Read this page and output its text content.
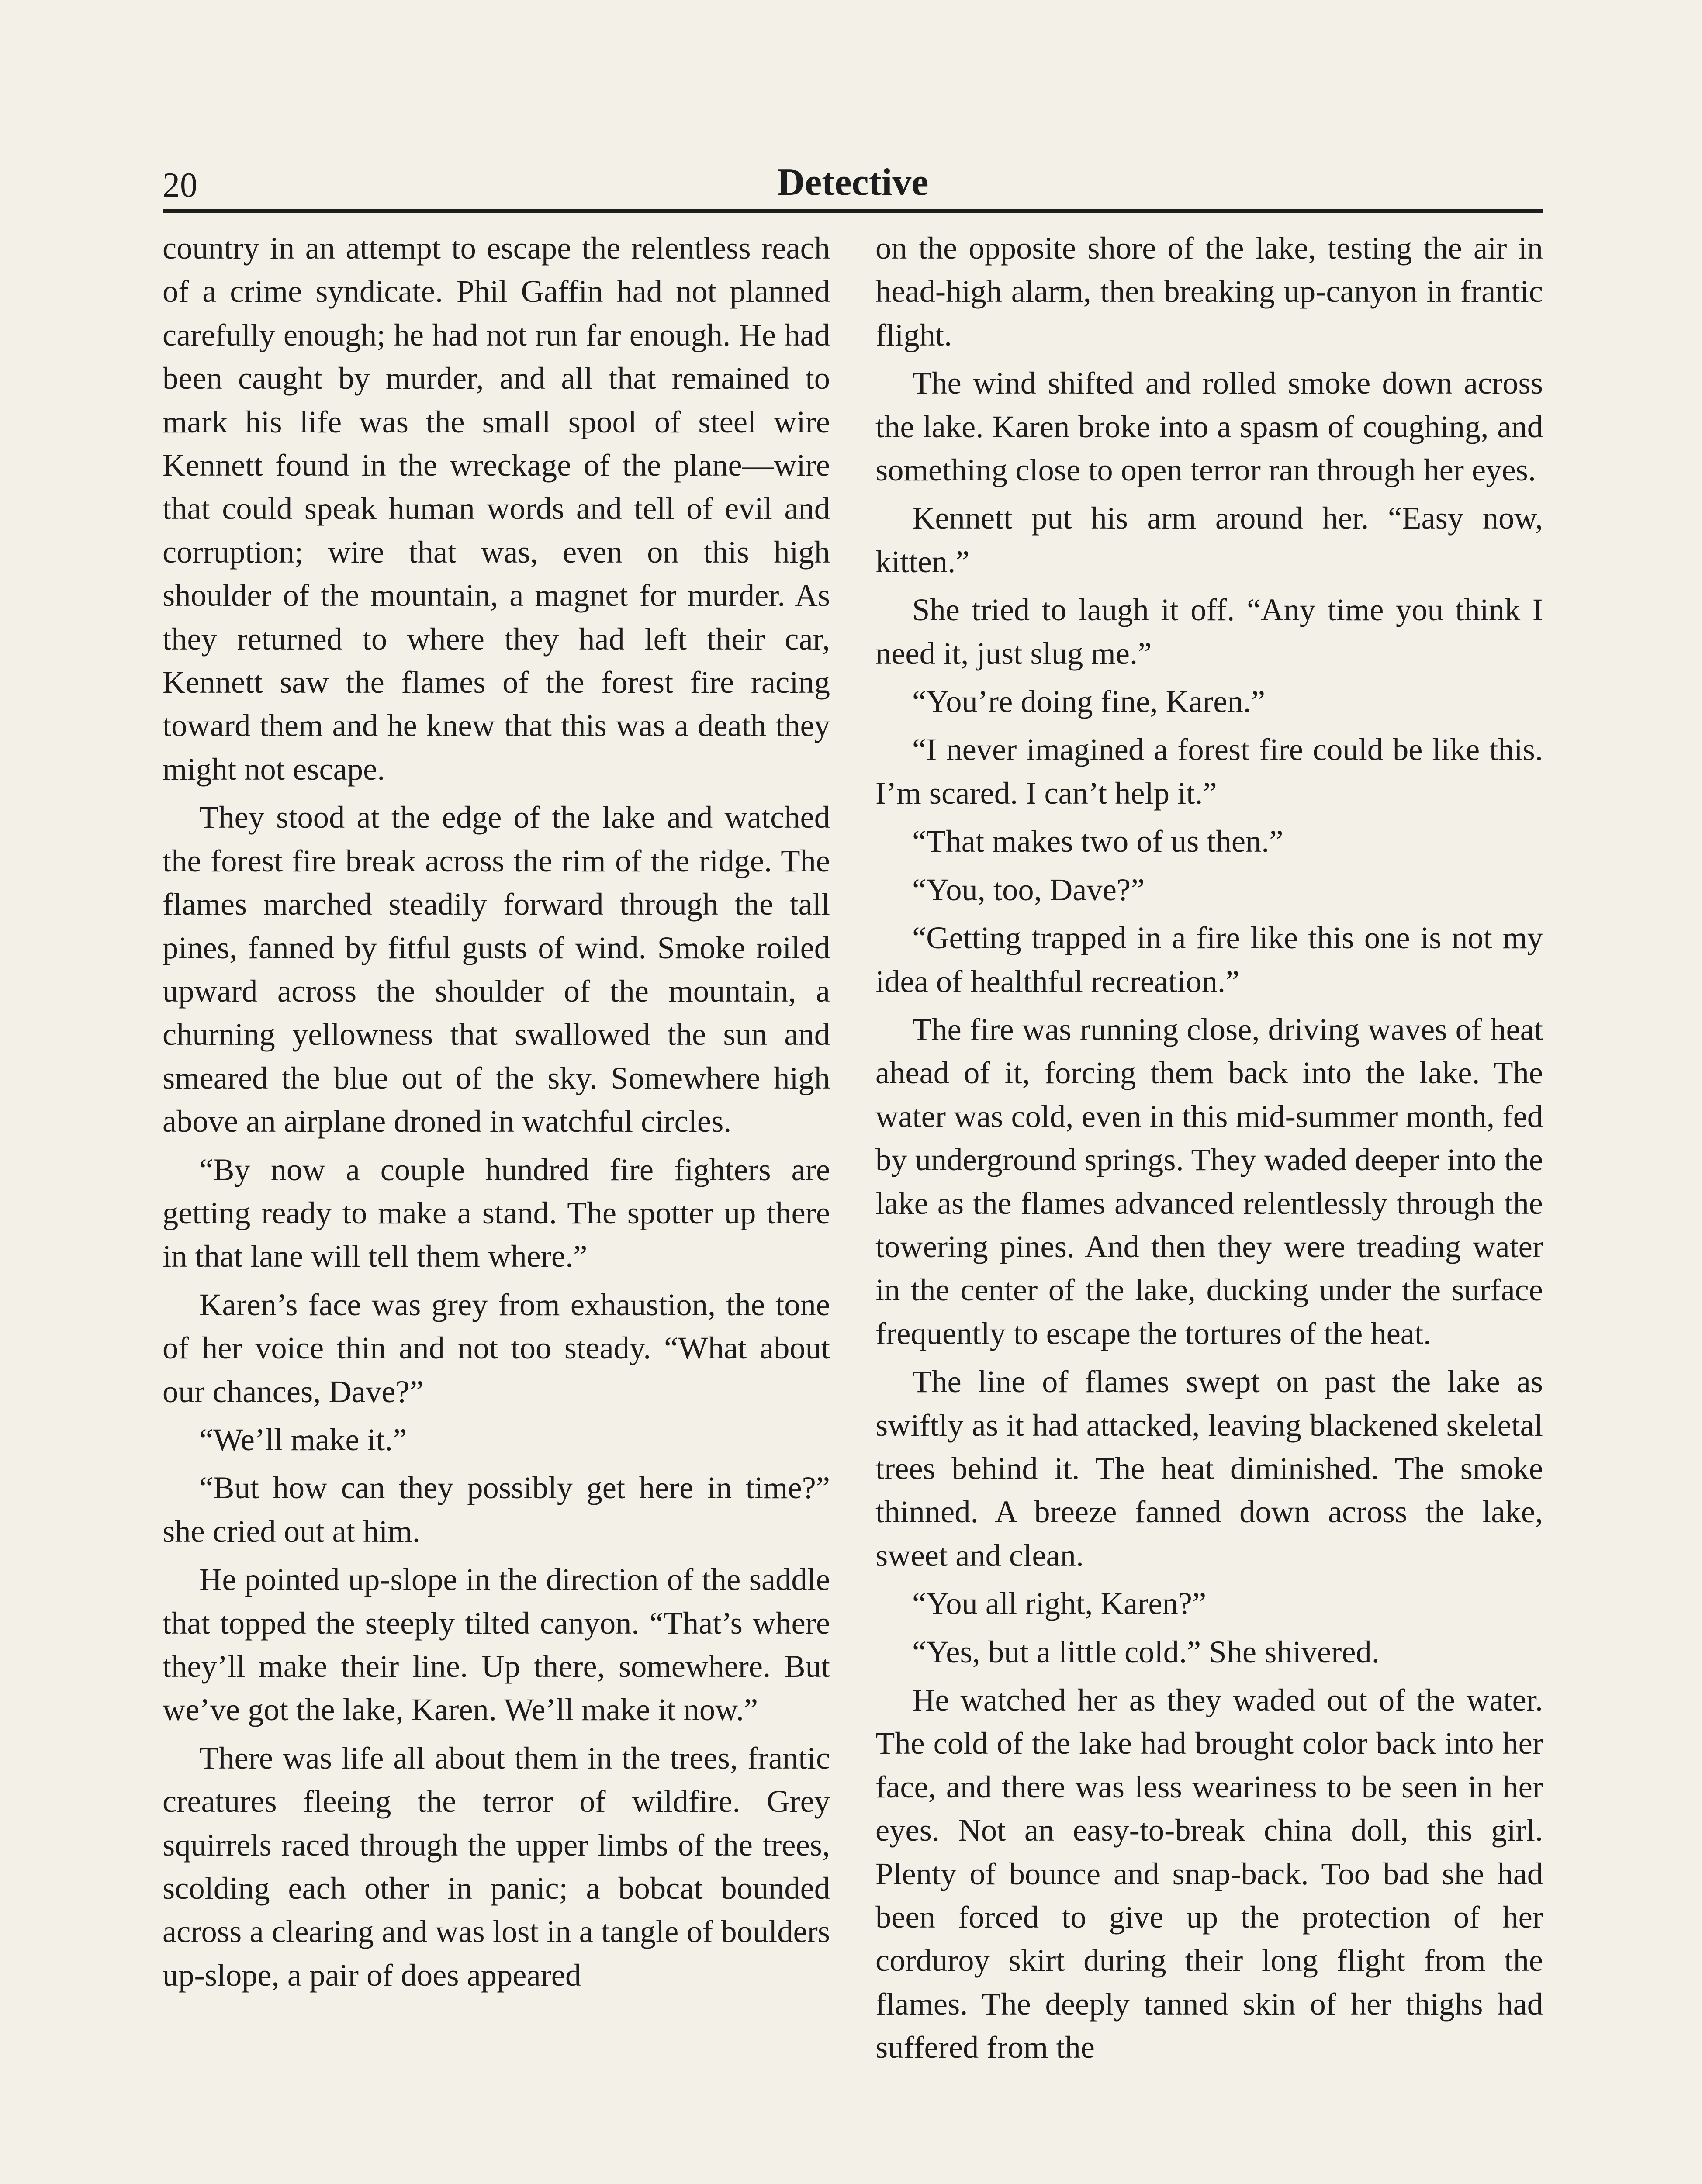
20	Detective

country in an attempt to escape the relentless reach of a crime syndicate. Phil Gaffin had not planned carefully enough; he had not run far enough. He had been caught by murder, and all that remained to mark his life was the small spool of steel wire Kennett found in the wreckage of the plane—wire that could speak human words and tell of evil and corruption; wire that was, even on this high shoulder of the mountain, a magnet for murder. As they returned to where they had left their car, Kennett saw the flames of the forest fire racing toward them and he knew that this was a death they might not escape.

They stood at the edge of the lake and watched the forest fire break across the rim of the ridge. The flames marched steadily forward through the tall pines, fanned by fitful gusts of wind. Smoke roiled upward across the shoulder of the mountain, a churning yellowness that swallowed the sun and smeared the blue out of the sky. Somewhere high above an airplane droned in watchful circles.

“By now a couple hundred fire fighters are getting ready to make a stand. The spotter up there in that lane will tell them where.”

Karen’s face was grey from exhaustion, the tone of her voice thin and not too steady. “What about our chances, Dave?”

“We’ll make it.”

“But how can they possibly get here in time?” she cried out at him.

He pointed up-slope in the direction of the saddle that topped the steeply tilted canyon. “That’s where they’ll make their line. Up there, somewhere. But we’ve got the lake, Karen. We’ll make it now.”

There was life all about them in the trees, frantic creatures fleeing the terror of wildfire. Grey squirrels raced through the upper limbs of the trees, scolding each other in panic; a bobcat bounded across a clearing and was lost in a tangle of boulders up-slope, a pair of does appeared

on the opposite shore of the lake, testing the air in head-high alarm, then breaking up-canyon in frantic flight.

The wind shifted and rolled smoke down across the lake. Karen broke into a spasm of coughing, and something close to open terror ran through her eyes.

Kennett put his arm around her. “Easy now, kitten.”

She tried to laugh it off. “Any time you think I need it, just slug me.”

“You’re doing fine, Karen.”

“I never imagined a forest fire could be like this. I’m scared. I can’t help it.”

“That makes two of us then.”

“You, too, Dave?”

“Getting trapped in a fire like this one is not my idea of healthful recreation.”

The fire was running close, driving waves of heat ahead of it, forcing them back into the lake. The water was cold, even in this mid-summer month, fed by underground springs. They waded deeper into the lake as the flames advanced relentlessly through the towering pines. And then they were treading water in the center of the lake, ducking under the surface frequently to escape the tortures of the heat.

The line of flames swept on past the lake as swiftly as it had attacked, leaving blackened skeletal trees behind it. The heat diminished. The smoke thinned. A breeze fanned down across the lake, sweet and clean.

“You all right, Karen?”

“Yes, but a little cold.” She shivered.

He watched her as they waded out of the water. The cold of the lake had brought color back into her face, and there was less weariness to be seen in her eyes. Not an easy-to-break china doll, this girl. Plenty of bounce and snap-back. Too bad she had been forced to give up the protection of her corduroy skirt during their long flight from the flames. The deeply tanned skin of her thighs had suffered from the
